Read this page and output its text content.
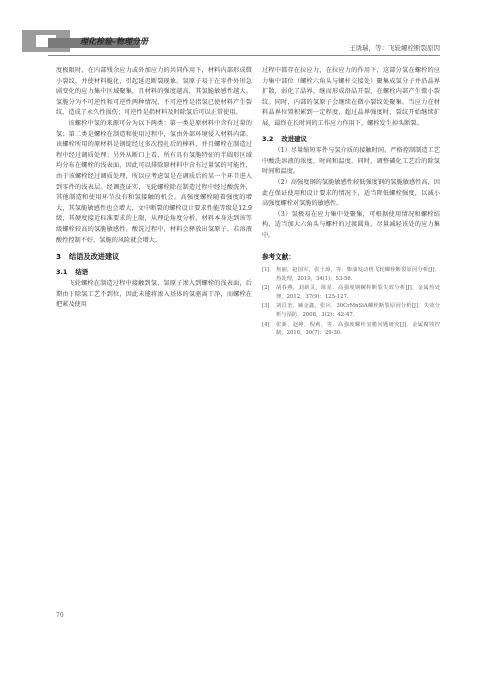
理化检验–物理分册
王诱瑞，等：飞轮螺栓断裂原因

度极限时，在内部残余应力或外加应力的共同作用下，材料内部形成微小裂纹，并使材料脆化，引起延迟断裂现象。氢原子易于在零件外形急剧变化的应力集中区域聚集，且材料的强度越高，其氢脆敏感性越大。氢脆分为不可逆性和可逆性两种情况，不可逆性是指氢已使材料产生裂纹，造成了永久性损伤；可逆性是指材料及时除氢后可以正常使用。

该螺栓中氢的来源可分为以下两类：第一类是原材料中含有过量的氢；第二类是螺栓在制造和使用过程中，氢由外部环境侵入材料内部。该螺栓所用的原材料是钢锭经过多次控扎后的棒料，并且螺栓在制造过程中经过调质处理；另外从断口上看，所有具有氢脆特征的半圆形区域均分布在螺栓的浅表面，因此可以排除原材料中含有过量氢的可能性，由于该螺栓经过调质处理，所以应考虑氢是在调质后的某一个环节进入到零件的浅表层。经调查证实，飞轮螺栓除在制造过程中经过酸洗外，其他制造和使用环节没有和氢接触的机会。高强度螺栓随着强度的增大，其氢脆敏感性也会增大，文中断裂的螺栓设计要求性能等级是12.9级，其硬度接近标准要求的上限，从理论角度分析，材料本身达到该等级螺栓较高的氢脆敏感性。酸洗过程中，材料会释放出氢原子，若溶液酸性控制不好，氢脆的风险就会增大。

3 结语及改进建议
3.1 结语

飞轮螺栓在制造过程中接触到氢，氢原子渗入到螺栓的浅表面，后期由于除氢工艺不到位，因此未能将渗入基体的氢驱离干净，而螺栓在把紧及使用

过程中都存在拉应力，在拉应力的作用下，这部分氢在螺栓的应力集中部位（螺栓六角头与螺杆交接处）聚集成氢分子并沿晶界扩散，弱化了晶界，继而形成沿晶开裂，在螺栓内部产生微小裂纹。同时，内部的氢原子会继续在微小裂纹处聚集，当应力在材料晶界位置积累到一定程度，超过晶界强度时，裂纹开始继续扩展，最终在长时间的工作应力作用下，螺栓发生掉头断裂。

3.2 改进建议

（1）尽量缩短零件与氢介质的接触时间，严格控制制造工艺中酸洗溶液的浓度、时间和温度。同时，调整磷化工艺后的除氢时间和温度。

（2）高强度钢的氢脆敏感性较低强度钢的氢脆敏感性高，因此在保证使用和设计要求的情况下，适当降低螺栓强度，以减小高强度螺栓对氢脆的敏感性。

（3）氢极易在应力集中处聚集，可根据使用情况和螺栓结构，适当加大六角头与螺杆的过渡圆角，尽量减轻该处的应力集中。

参考文献：
[1]	焦丽，赵国军，张土璋，等．柴油发动机飞轮螺栓断裂原因分析[J]．热处理，2019，34(1)：53-56.
[2]	胡春燕，刘新灵，陈星．高强度钢螺栓断裂失效分析[J]．金属热处理，2012，37(9)：125-127.
[3]	刘昌奎，臧金鑫，张兵．30CrMnSiA螺栓断裂原因分析[J]．失效分析与预防，2008，3(2)：42-47.
[4]	张新，赵峥，倪莉，等．高强度螺栓氢脆问题研究[J]．金属腐蚀控制，2016，30(7)：29-30.
70
